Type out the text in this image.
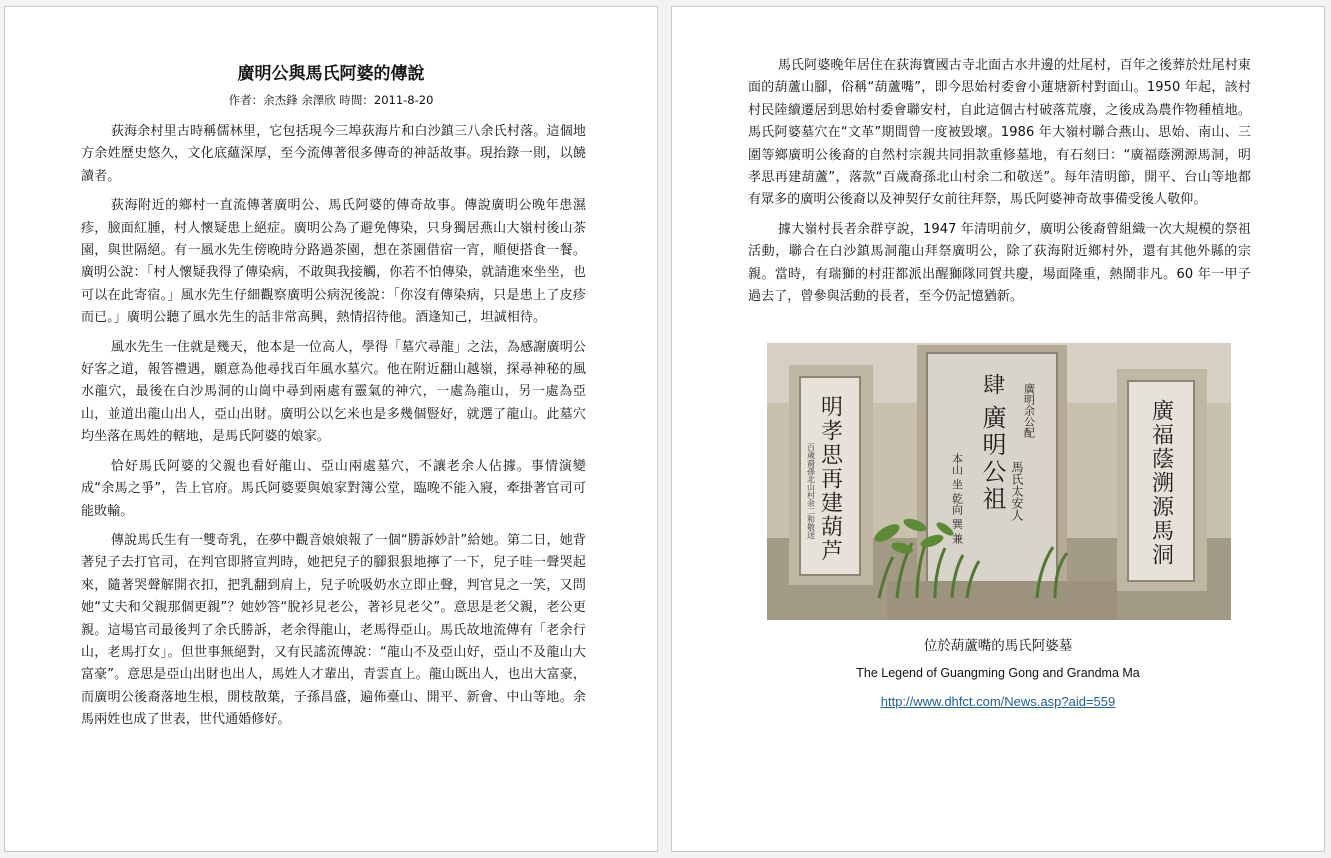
廣明公與馬氏阿婆的傳說
作者：余杰鋒 余澤欣 時間：2011-8-20

荻海余村里古時稱儒林里，它包括現今三埠荻海片和白沙鎮三八余氏村落。這個地方余姓歷史悠久，文化底蘊深厚，至今流傳著很多傳奇的神話故事。現抬錄一則，以饒讀者。

荻海附近的鄉村一直流傳著廣明公、馬氏阿婆的傳奇故事。傳說廣明公晚年患濕疹，臉面紅腫，村人懷疑患上絕症。廣明公為了避免傳染，只身獨居燕山大嶺村後山茶園，與世隔絕。有一風水先生傍晚時分路過茶園，想在茶園借宿一宵，順便搭食一餐。廣明公說：「村人懷疑我得了傳染病，不敢與我接觸，你若不怕傳染，就請進來坐坐，也可以在此寄宿。」風水先生仔細觀察廣明公病況後說：「你沒有傳染病，只是患上了皮疹而已。」廣明公聽了風水先生的話非常高興，熱情招待他。酒逢知己，坦誠相待。

風水先生一住就是幾天，他本是一位高人，學得「墓穴尋龍」之法，為感謝廣明公好客之道，報答禮遇，願意為他尋找百年風水墓穴。他在附近翻山越嶺，探尋神秘的風水龍穴，最後在白沙馬洞的山崗中尋到兩處有靈氣的神穴，一處為龍山，另一處為亞山，並道出龍山出人，亞山出財。廣明公以乞米也是多幾個豎好，就選了龍山。此墓穴均坐落在馬姓的轄地，是馬氏阿婆的娘家。

恰好馬氏阿婆的父親也看好龍山、亞山兩處墓穴，不讓老余人佔據。事情演變成“余馬之爭”，告上官府。馬氏阿婆要與娘家對簿公堂，臨晚不能入寢，牽掛著官司可能敗輸。

傳說馬氏生有一雙奇乳，在夢中觀音娘娘報了一個“勝訴妙計”給她。第二日，她背著兒子去打官司，在判官即將宣判時，她把兒子的腳狠狠地擰了一下，兒子哇一聲哭起來，隨著哭聲解開衣扣，把乳翻到肩上，兒子吮吸奶水立即止聲，判官見之一笑，又問她“丈夫和父親那個更親”？她妙答“脫衫見老公，著衫見老父”。意思是老父親，老公更親。這場官司最後判了余氏勝訴，老余得龍山，老馬得亞山。馬氏故地流傳有「老余行山，老馬打女」。但世事無絕對，又有民謠流傳說：“龍山不及亞山好，亞山不及龍山大富豪”。意思是亞山出財也出人，馬姓人才輩出，青雲直上。龍山既出人，也出大富豪，而廣明公後裔落地生根，開枝散葉，子孫昌盛，遍佈臺山、開平、新會、中山等地。余馬兩姓也成了世表，世代通婚修好。

馬氏阿婆晚年居住在荻海寶國古寺北面古水井邊的灶尾村，百年之後葬於灶尾村東面的葫蘆山腳，俗稱“葫蘆嘴”，即今思始村委會小蓮塘新村對面山。1950 年起，該村村民陸續遷居到思始村委會聯安村，自此這個古村破落荒廢，之後成為農作物種植地。馬氏阿婆墓穴在“文革”期間曾一度被毀壞。1986 年大嶺村聯合燕山、思始、南山、三圍等鄉廣明公後裔的自然村宗親共同捐款重修墓地，有石刻曰：“廣福蔭溯源馬洞，明孝思再建葫蘆”，落款“百歲裔孫北山村余二和敬送”。每年清明節，開平、台山等地都有眾多的廣明公後裔以及神契仔女前往拜祭，馬氏阿婆神奇故事備受後人敬仰。

據大嶺村長者余群亨說，1947 年清明前夕，廣明公後裔曾組織一次大規模的祭祖活動，聯合在白沙鎮馬洞龍山拜祭廣明公，除了荻海附近鄉村外，還有其他外縣的宗親。當時，有瑞獅的村莊都派出醒獅隊同賀共慶，場面隆重，熱鬧非凡。60 年一甲子過去了，曾參與活動的長者，至今仍記憶猶新。

明孝思再建葫芦	廣福蔭溯源馬洞
百歲裔孫北山村余二和敬送
肆
廣明公祖 廣明余公配
馬氏太安人
本山 坐 乾向 巽 兼
位於葫蘆嘴的馬氏阿婆墓
The Legend of Guangming Gong and Grandma Ma
http://www.dhfct.com/News.asp?aid=559
